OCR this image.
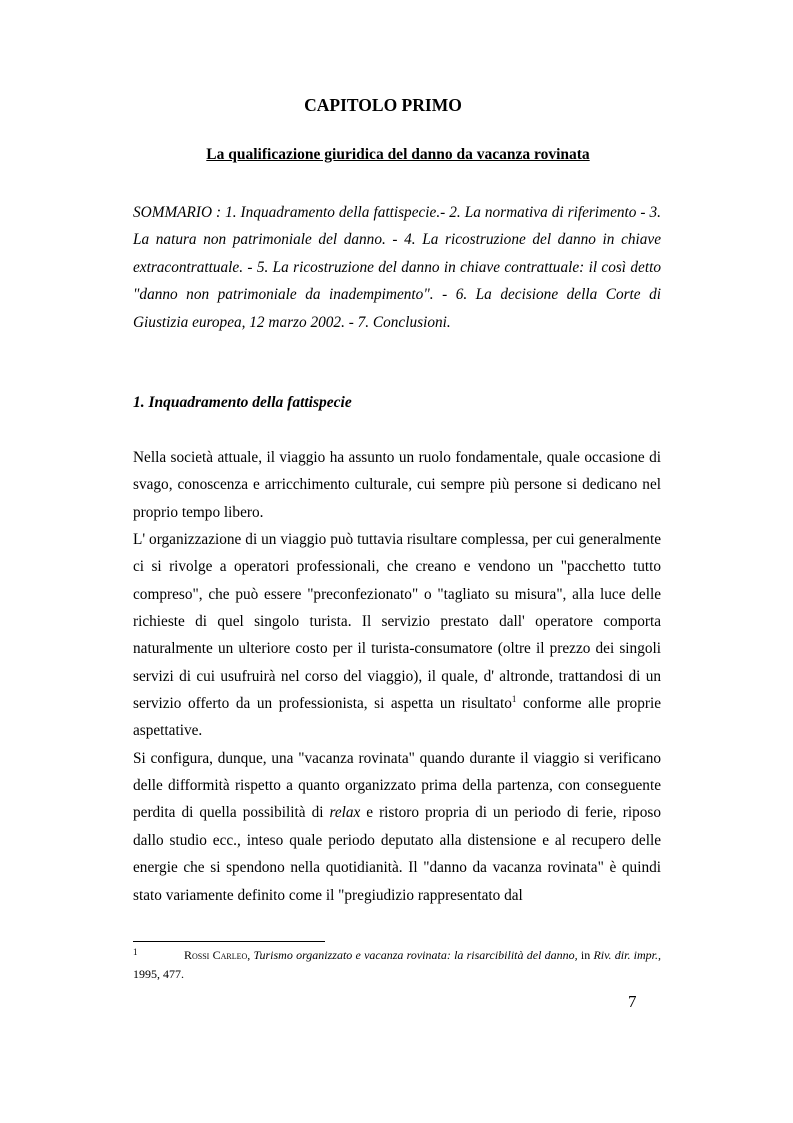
CAPITOLO PRIMO
La qualificazione giuridica del danno da vacanza rovinata
SOMMARIO : 1. Inquadramento della fattispecie.- 2. La normativa di riferimento - 3. La natura non patrimoniale del danno. - 4. La ricostruzione del danno in chiave extracontrattuale. - 5. La ricostruzione del danno in chiave contrattuale: il così detto "danno non patrimoniale da inadempimento". - 6. La decisione della Corte di Giustizia europea, 12 marzo 2002. - 7. Conclusioni.
1. Inquadramento della fattispecie

Nella società attuale, il viaggio ha assunto un ruolo fondamentale, quale occasione di svago, conoscenza e arricchimento culturale, cui sempre più persone si dedicano nel proprio tempo libero.

L' organizzazione di un viaggio può tuttavia risultare complessa, per cui generalmente ci si rivolge a operatori professionali, che creano e vendono un "pacchetto tutto compreso", che può essere "preconfezionato" o "tagliato su misura", alla luce delle richieste di quel singolo turista. Il servizio prestato dall' operatore comporta naturalmente un ulteriore costo per il turista-consumatore (oltre il prezzo dei singoli servizi di cui usufruirà nel corso del viaggio), il quale, d' altronde, trattandosi di un servizio offerto da un professionista, si aspetta un risultato$^1$ conforme alle proprie aspettative.

Si configura, dunque, una "vacanza rovinata" quando durante il viaggio si verificano delle difformità rispetto a quanto organizzato prima della partenza, con conseguente perdita di quella possibilità di relax e ristoro propria di un periodo di ferie, riposo dallo studio ecc., inteso quale periodo deputato alla distensione e al recupero delle energie che si spendono nella quotidianità. Il "danno da vacanza rovinata" è quindi stato variamente definito come il "pregiudizio rappresentato dal

1	Rossi Carleo, Turismo organizzato e vacanza rovinata: la risarcibilità del danno, in Riv. dir. impr., 1995, 477.
7
